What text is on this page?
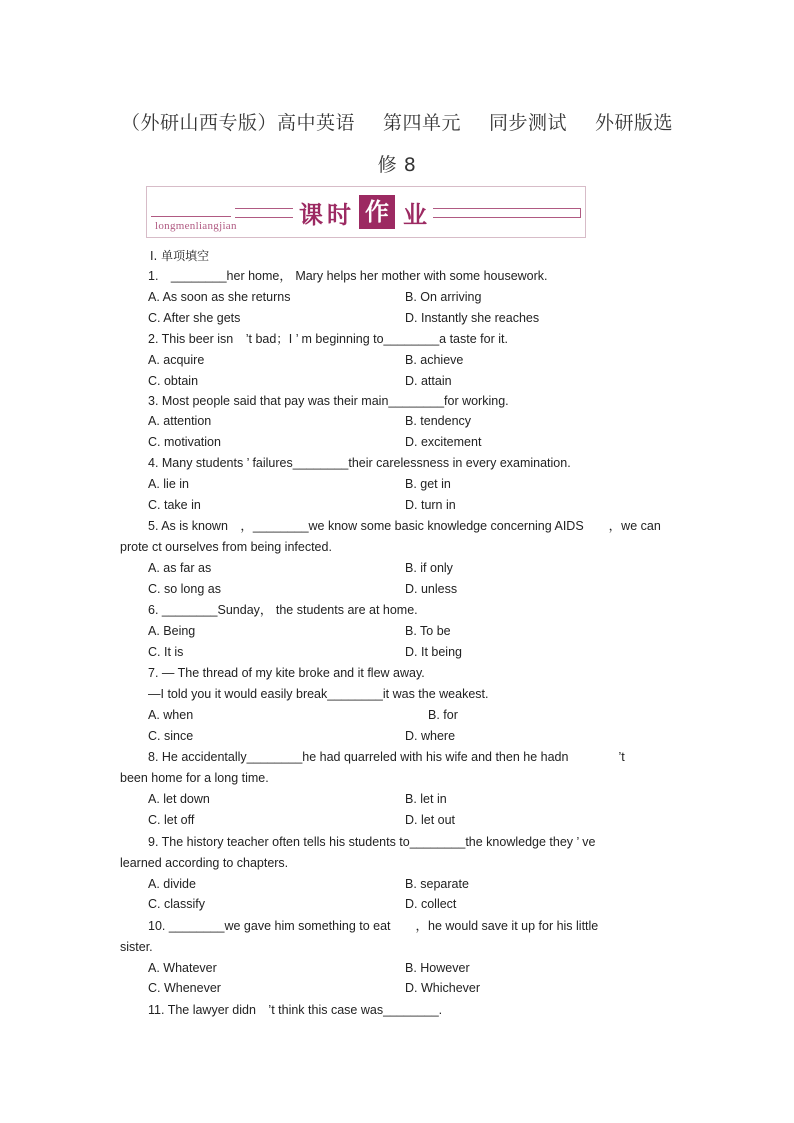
（外研山西专版）高中英语 第四单元 同步测试 外研版选
修 8
longmenliangjian	课 时 作 业
Ⅰ. 单项填空
1.　________her home， Mary helps her mother with some housework.
A. As soon as she returns	B. On arriving
C. After she gets	D. Instantly she reaches
2. This beer isn　’t bad；I ’ m beginning to________a taste for it.
A. acquire	B. achieve
C. obtain	D. attain
3. Most people said that pay was their main________for working.
A. attention	B. tendency
C. motivation	D. excitement
4. Many students ’ failures________their carelessness in every examination.
A. lie in	B. get in
C. take in	D. turn in
5. As is known　，________we know some basic knowledge concerning AIDS　　，we can
prote ct ourselves from being infected.
A. as far as	B. if only
C. so long as	D. unless
6. ________Sunday， the students are at home.
A. Being	B. To be
C. It is	D. It being
7. — The thread of my kite broke and it flew away.
—I told you it would easily break________it was the weakest.
A. when	B. for
C. since	D. where
8. He accidentally________he had quarreled with his wife and then he hadn　　　　’t
been home for a long time.
A. let down	B. let in
C. let off	D. let out
9. The history teacher often tells his students to________the knowledge they ’ ve
learned according to chapters.
A. divide	B. separate
C. classify	D. collect
10. ________we gave him something to eat　　，he would save it up for his little
sister.
A. Whatever	B. However
C. Whenever	D. Whichever
11. The lawyer didn　’t think this case was________.
